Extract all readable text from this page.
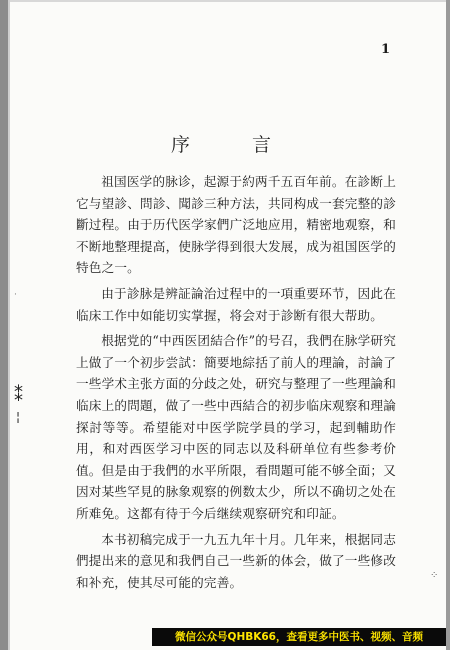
1
序 言

祖国医学的脉诊，起源于約两千五百年前。在診断上它与望診、問診、聞診三种方法，共同构成一套完整的診斷过程。由于历代医学家們广泛地应用，精密地观察，和不断地整理提高，使脉学得到很大发展，成为祖国医学的特色之一。

由于診脉是辨証論治过程中的一項重要环节，因此在临床工作中如能切实掌握，将会对于診断有很大帮助。

根据党的“中西医团結合作”的号召，我們在脉学研究上做了一个初步尝試：簡要地綜括了前人的理論，討論了一些学术主张方面的分歧之处，研究与整理了一些理論和临床上的問題，做了一些中西結合的初步临床观察和理論探討等等。希望能对中医学院学員的学习，起到輔助作用，和对西医学习中医的同志以及科研单位有些参考价值。但是由于我們的水平所限，看問題可能不够全面；又因对某些罕見的脉象观察的例数太少，所以不确切之处在所难免。这都有待于今后继续观察研究和印証。

本书初稿完成于一九五九年十月。几年来，根据同志們提出来的意见和我們自己一些新的体会，做了一些修改和补充，使其尽可能的完善。

·
⁑
¦
⁘
微信公众号QHBK66，查看更多中医书、视频、音频
